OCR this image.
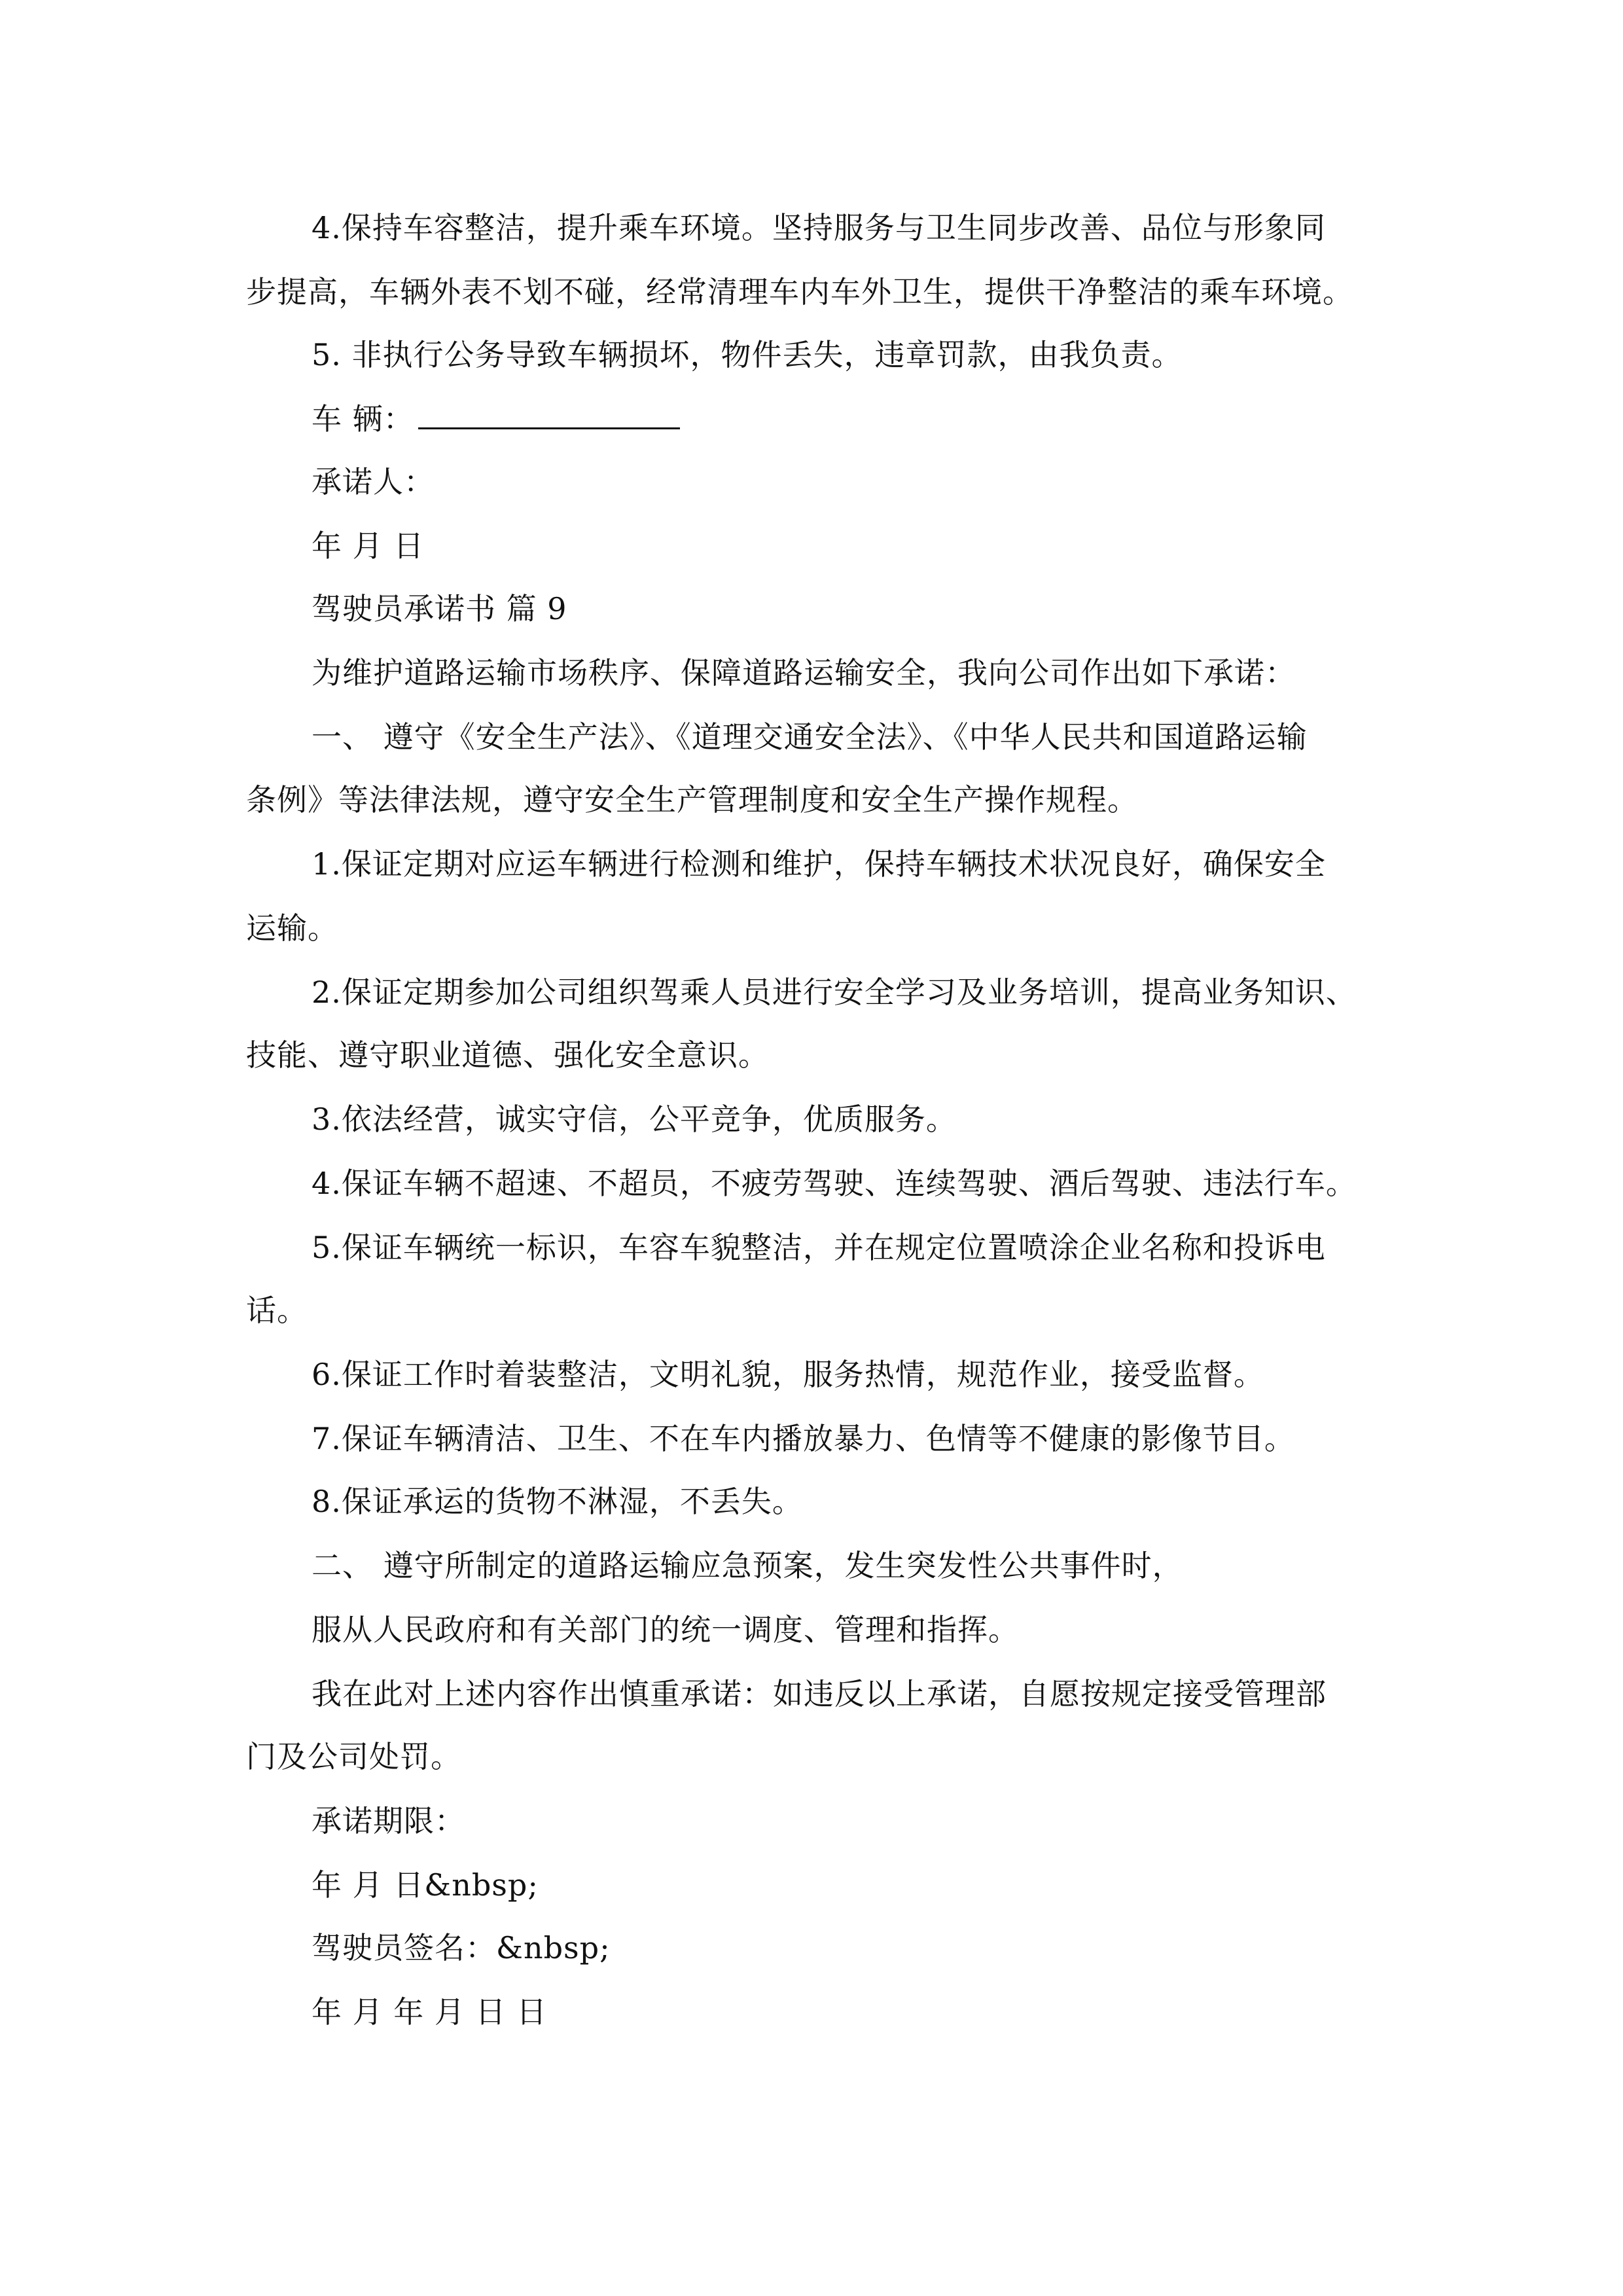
4.保持车容整洁，提升乘车环境。坚持服务与卫生同步改善、品位与形象同
步提高，车辆外表不划不碰，经常清理车内车外卫生，提供干净整洁的乘车环境。
5. 非执行公务导致车辆损坏，物件丢失，违章罚款，由我负责。
车 辆：
承诺人：
年 月 日
驾驶员承诺书 篇 9
为维护道路运输市场秩序、保障道路运输安全，我向公司作出如下承诺：
一、 遵守《安全生产法》、《道理交通安全法》、《中华人民共和国道路运输
条例》等法律法规，遵守安全生产管理制度和安全生产操作规程。
1.保证定期对应运车辆进行检测和维护，保持车辆技术状况良好，确保安全
运输。
2.保证定期参加公司组织驾乘人员进行安全学习及业务培训，提高业务知识、
技能、遵守职业道德、强化安全意识。
3.依法经营，诚实守信，公平竞争，优质服务。
4.保证车辆不超速、不超员，不疲劳驾驶、连续驾驶、酒后驾驶、违法行车。
5.保证车辆统一标识，车容车貌整洁，并在规定位置喷涂企业名称和投诉电
话。
6.保证工作时着装整洁，文明礼貌，服务热情，规范作业，接受监督。
7.保证车辆清洁、卫生、不在车内播放暴力、色情等不健康的影像节目。
8.保证承运的货物不淋湿，不丢失。
二、 遵守所制定的道路运输应急预案，发生突发性公共事件时，
服从人民政府和有关部门的统一调度、管理和指挥。
我在此对上述内容作出慎重承诺：如违反以上承诺，自愿按规定接受管理部
门及公司处罚。
承诺期限：
年 月 日&nbsp;
驾驶员签名：&nbsp;
年 月 年 月 日 日
